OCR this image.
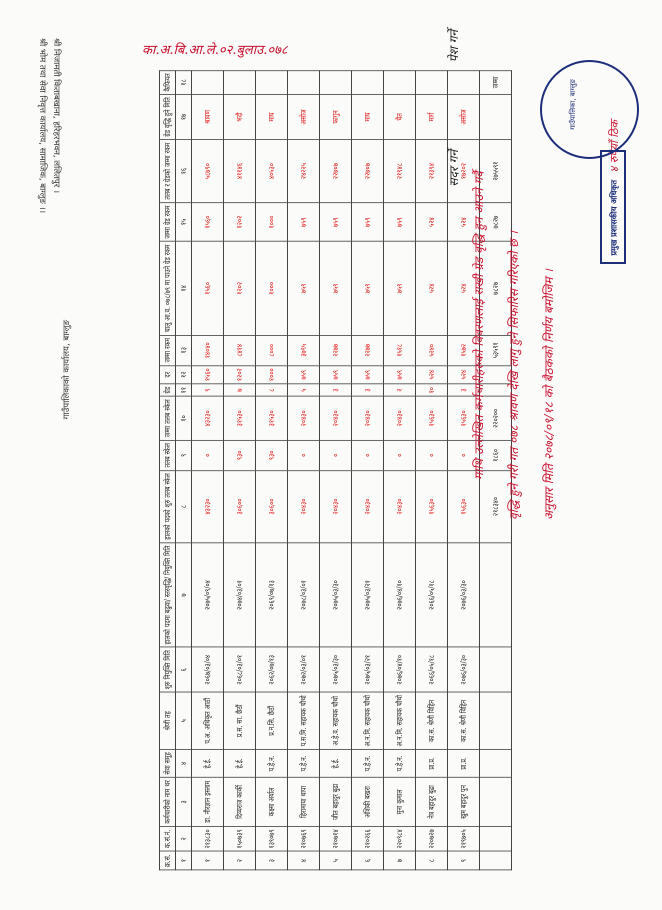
श्री निजामती किताबखाना, हरिहरभवन, ललितपुर ।
श्री भोम तथा सेवा निवृत्त कार्यालय, सामाजिक, बाग्लुङ ।।
गाउँपालिकाको कार्यालय, बाग्लुङ
क्र.सं.	क.सं.नं.	कर्मचारीको नाम थर	सेवा समूह	श्रेणी तह	शुरु नियुक्ति मिति	हालको पदमा बढुवा/ स्तरवृद्धि/ नियुक्ति मिति	हालको पदको शुरु तलब स्केल	तलब स्केल	जम्मा तलब स्केल	ग्रेड	दर	जम्मा रकम	चालु आ.व. ०७८/७९ मा पाउने ग्रेड रकम	जम्मा ग्रेड रकम	तलब र ग्रेडको जम्मा रकम	ग्रेड वृद्धि हुने मिति	कैफियत
१	२	३	४	५	६	७	८	९	१०	११	१२	१३	१४	१५	१६	१७	१८
१	२१३८३०	डा. नीरज्ञान इस्लाम	हे.ई.	प.अ. अधिकृत आठौं	२०६७/०३/०४	२०७५/०९/०४	४३२३०	०	४३२३०	९	१५६०	१४०४०	१५६०	१५६०	५८७९०	श्रावण	
२	१५०७३९	दिव्यराज कार्की	हे.ई.	प्र.स. सा. छैठौं	२०६८/०३/०१	२०७४/०३/०१	३०६००	९३०	३१५३०	७	१२०२	८४१४	१२०२	१२०२	४११४६	भदौ	
३	१३९०७९	कक्ष्मा अर्याल	प.हे.न.	प्र.न.सि. छैठौं	२०६२/०७/१३	२०६९/०७/१३	३०६००	९३०	३१५३०	८	१०००	८०००	१०००	१०००	४०५३०	माघ	
४	२१०७६९	हिरामाया थापा	प.हे.न.	प.स.मि. सहायक चौथो	२०७२/०३/०१	२०७८/०३/०१	२०४३०	०	२०४३०	५	७५९	३७९५	७५९	७५९	२४२२५	असोज	
५	२१०७१४	जीत बहादुर बुढा	हे.ई.	अ.हे.व. सहायक चौथो	२०७५/०३/३०	२०७५/०३/३०	२०४३०	०	२०४३०	३	७५९	२२७७	७५९	७५९	२२७०७	फागुन	
६	२१०२६६	अंशिकी बखरा	प.हे.न.	अ.न.मि. सहायक चौथो	२०७५/०३/२१	२०७५/०३/२१	२०४३०	०	२०४३०	३	७५९	२२७७	७५९	७५९	२२७०७	माघ	
७	२२०९८४	मुना कुमाल	प.हे.न.	अ.न.मि. सहायक चौथो	२०७६/०४/१०	२०७६/०४/१०	२०४३०	०	२०४३०	२	७५९	१५१८	७५९	७५९	२१९४८	चैत	
८	२२०७२७	नेत्र बहादुर बुढा	प्रा.प्र.	का.स. श्रेणी विहिन	२०६६/०५/१८	२०६६/०५/१८	१५६३०	०	१५६३०	१०	५२४	५२४०	५२४	५२४	२१३९४	मार्ग	
९	२१९७०५	खुम बहादुर पुन	प्रा.प्र.	का.स. श्रेणी विहिन	२०७६/०३/३०	२०७६/०३/३०	१५६३०	०	१५६३०	३	५२४	१५७२	५२४	५२४	१७२०२	असोज	
							२१८३४०	१८६०	२२०२००			५३५९१	७८२७	७८२७	२७५५९१		जम्मा
का.अ.बि.आ.ले.०२.बुलाउ.०७८
४ रुपैयाँ ठिक
पेश गर्ने
सदर गर्ने
माथि उल्लेखित कर्मचारीहरुको विवरणलाई राखी ग्रेड वृद्धि हुन आउने गर्दै वृद्धि हुने गरी गत ०७८ श्रावण देखि लागु हुने सिफारिस गरिएको छ । अनुसार मिति २०७८/०९/१८ को बैठकको निर्णय बमोजिम ।
गाउँपालिका, बाग्लुङ
प्रमुख प्रशासकीय अधिकृत
